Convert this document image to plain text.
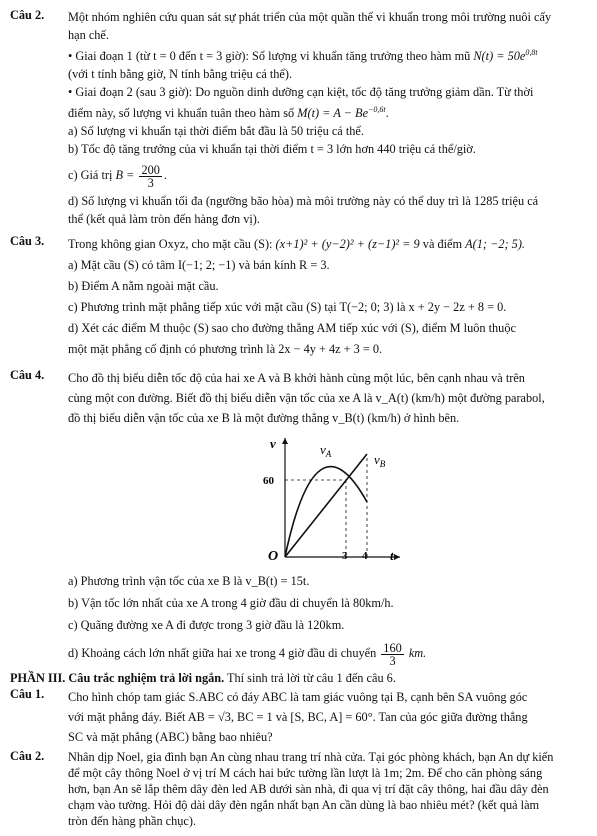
Câu 2. Một nhóm nghiên cứu quan sát sự phát triển của một quần thể vi khuẩn trong môi trường nuôi cấy
hạn chế.
• Giai đoạn 1 (từ t = 0 đến t = 3 giờ): Số lượng vi khuẩn tăng trưởng theo hàm mũ $N(t) = 50e^{0,8t}$
(với t tính bằng giờ, N tính bằng triệu cá thể).
• Giai đoạn 2 (sau 3 giờ): Do nguồn dinh dưỡng cạn kiệt, tốc độ tăng trưởng giảm dần. Từ thời
điểm này, số lượng vi khuẩn tuân theo hàm số $M(t) = A - Be^{-0,6t}$.
a) Số lượng vi khuẩn tại thời điểm bắt đầu là 50 triệu cá thể.
b) Tốc độ tăng trưởng của vi khuẩn tại thời điểm t = 3 lớn hơn 440 triệu cá thể/giờ.
c) Giá trị $B = \frac{200}{3}$ .
d) Số lượng vi khuẩn tối đa (ngưỡng bão hòa) mà môi trường này có thể duy trì là 1285 triệu cá
thể (kết quả làm tròn đến hàng đơn vị).
Câu 3. Trong không gian Oxyz, cho mặt cầu (S): (x+1)² + (y−2)² + (z−1)² = 9 và điểm A(1; −2; 5).
a) Mặt cầu (S) có tâm I(−1; 2; −1) và bán kính R = 3.
b) Điểm A nằm ngoài mặt cầu.
c) Phương trình mặt phẳng tiếp xúc với mặt cầu (S) tại T(−2; 0; 3) là x + 2y − 2z + 8 = 0.
d) Xét các điểm M thuộc (S) sao cho đường thẳng AM tiếp xúc với (S), điểm M luôn thuộc
một mặt phẳng cố định có phương trình là 2x − 4y + 4z + 3 = 0.
Câu 4. Cho đồ thị biểu diễn tốc độ của hai xe A và B khởi hành cùng một lúc, bên cạnh nhau và trên
cùng một con đường. Biết đồ thị biểu diễn vận tốc của xe A là v_A(t) (km/h) một đường parabol,
đồ thị biểu diễn vận tốc của xe B là một đường thẳng v_B(t) (km/h) ở hình bên.
v	$v_A$	$v_B$
60
O	3 4 t
a) Phương trình vận tốc của xe B là v_B(t) = 15t.
b) Vận tốc lớn nhất của xe A trong 4 giờ đầu di chuyển là 80km/h.
c) Quãng đường xe A đi được trong 3 giờ đầu là 120km.
d) Khoảng cách lớn nhất giữa hai xe trong 4 giờ đầu di chuyển $\frac{160}{3}$ km.
PHẦN III. Câu trắc nghiệm trả lời ngắn. Thí sinh trả lời từ câu 1 đến câu 6.
Câu 1. Cho hình chóp tam giác S.ABC có đáy ABC là tam giác vuông tại B, cạnh bên SA vuông góc
với mặt phẳng đáy. Biết AB = √3, BC = 1 và [S, BC, A] = 60°. Tan của góc giữa đường thẳng
SC và mặt phẳng (ABC) bằng bao nhiêu?
Câu 2. Nhân dịp Noel, gia đình bạn An cùng nhau trang trí nhà cửa. Tại góc phòng khách, bạn An dự kiến
để một cây thông Noel ở vị trí M cách hai bức tường lần lượt là 1m; 2m. Để cho căn phòng sáng
hơn, bạn An sẽ lắp thêm dây đèn led AB dưới sàn nhà, đi qua vị trí đặt cây thông, hai đầu dây đèn
chạm vào tường. Hỏi độ dài dây đèn ngắn nhất bạn An cần dùng là bao nhiêu mét? (kết quả làm
tròn đến hàng phần chục).
